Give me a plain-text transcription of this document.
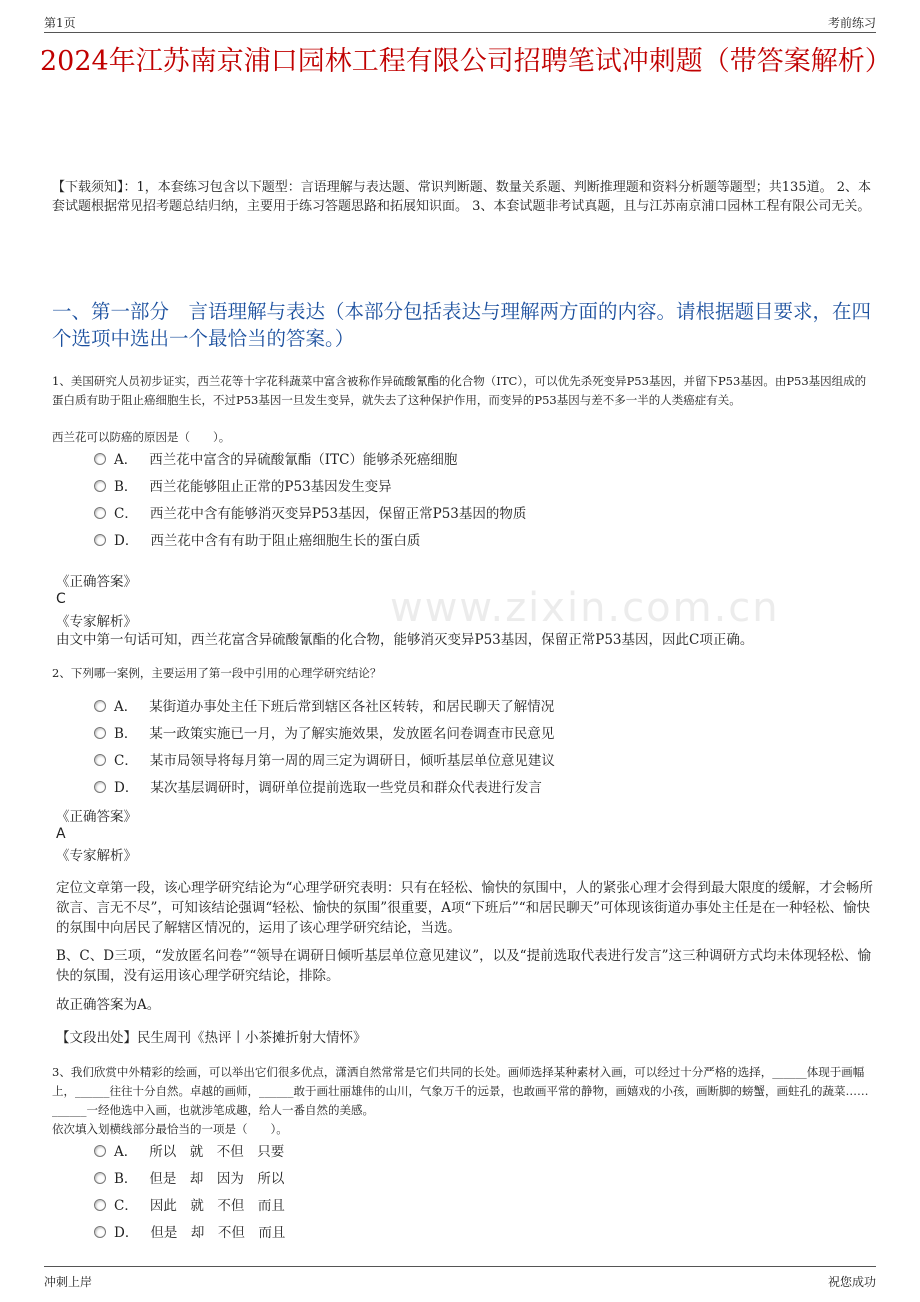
第1页	考前练习
2024年江苏南京浦口园林工程有限公司招聘笔试冲刺题（带答案解析）
【下载须知】：1，本套练习包含以下题型：言语理解与表达题、常识判断题、数量关系题、判断推理题和资料分析题等题型；共135道。 2、本套试题根据常见招考题总结归纳，主要用于练习答题思路和拓展知识面。 3、本套试题非考试真题，且与江苏南京浦口园林工程有限公司无关。
一、第一部分　言语理解与表达（本部分包括表达与理解两方面的内容。请根据题目要求，在四个选项中选出一个最恰当的答案。）
www.zixin.com.cn
1、美国研究人员初步证实，西兰花等十字花科蔬菜中富含被称作异硫酸氰酯的化合物（ITC），可以优先杀死变异P53基因，并留下P53基因。由P53基因组成的蛋白质有助于阻止癌细胞生长，不过P53基因一旦发生变异，就失去了这种保护作用，而变异的P53基因与差不多一半的人类癌症有关。
西兰花可以防癌的原因是（　　）。
A． 西兰花中富含的异硫酸氰酯（ITC）能够杀死癌细胞
B． 西兰花能够阻止正常的P53基因发生变异
C． 西兰花中含有能够消灭变异P53基因，保留正常P53基因的物质
D． 西兰花中含有有助于阻止癌细胞生长的蛋白质
《正确答案》
C
《专家解析》
由文中第一句话可知，西兰花富含异硫酸氰酯的化合物，能够消灭变异P53基因，保留正常P53基因，因此C项正确。
2、下列哪一案例，主要运用了第一段中引用的心理学研究结论？
A． 某街道办事处主任下班后常到辖区各社区转转，和居民聊天了解情况
B． 某一政策实施已一月，为了解实施效果，发放匿名问卷调查市民意见
C． 某市局领导将每月第一周的周三定为调研日，倾听基层单位意见建议
D． 某次基层调研时，调研单位提前选取一些党员和群众代表进行发言
《正确答案》
A
《专家解析》
定位文章第一段，该心理学研究结论为“心理学研究表明：只有在轻松、愉快的氛围中，人的紧张心理才会得到最大限度的缓解，才会畅所欲言、言无不尽”，可知该结论强调“轻松、愉快的氛围”很重要，A项“下班后”“和居民聊天”可体现该街道办事处主任是在一种轻松、愉快的氛围中向居民了解辖区情况的，运用了该心理学研究结论，当选。
B、C、D三项，“发放匿名问卷”“领导在调研日倾听基层单位意见建议”，以及“提前选取代表进行发言”这三种调研方式均未体现轻松、愉快的氛围，没有运用该心理学研究结论，排除。
故正确答案为A。
【文段出处】民生周刊《热评丨小茶摊折射大情怀》
3、我们欣赏中外精彩的绘画，可以举出它们很多优点，潇洒自然常常是它们共同的长处。画师选择某种素材入画，可以经过十分严格的选择，______体现于画幅上，______往往十分自然。卓越的画师，______敢于画壮丽雄伟的山川，气象万千的远景，也敢画平常的静物，画嬉戏的小孩，画断脚的螃蟹，画蛀孔的蔬菜……______一经他选中入画，也就涉笔成趣，给人一番自然的美感。
依次填入划横线部分最恰当的一项是（　　）。
A． 所以　就　不但　只要
B． 但是　却　因为　所以
C． 因此　就　不但　而且
D． 但是　却　不但　而且
冲刺上岸	祝您成功
